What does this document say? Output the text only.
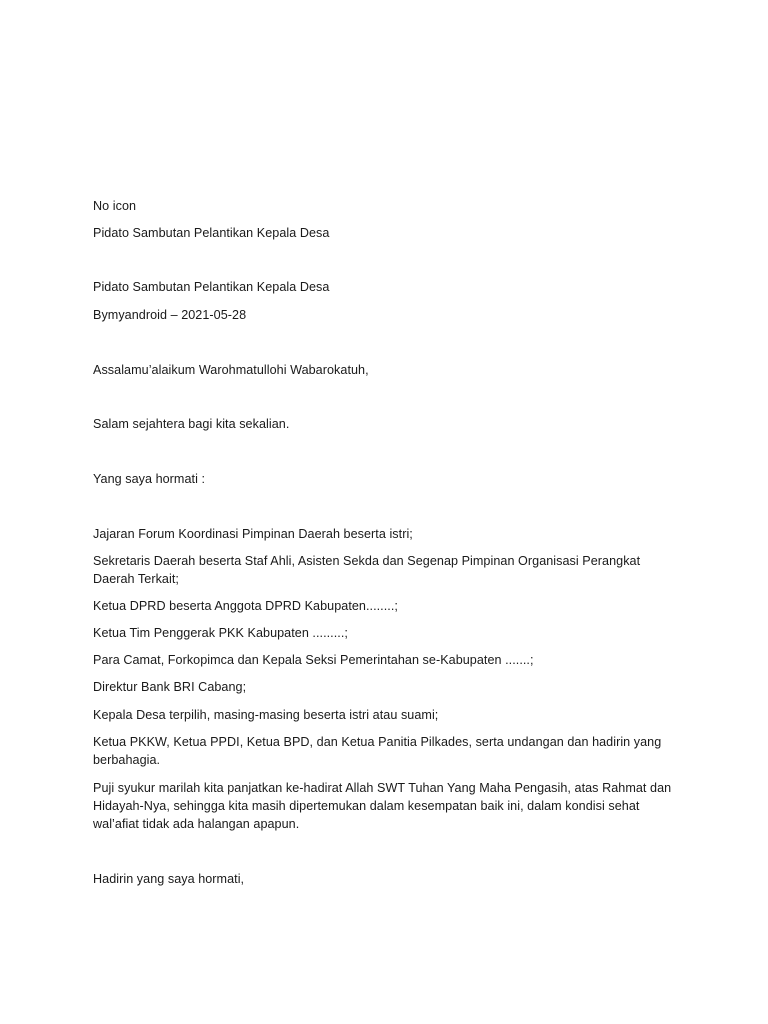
No icon

Pidato Sambutan Pelantikan Kepala Desa

Pidato Sambutan Pelantikan Kepala Desa

Bymyandroid – 2021-05-28

Assalamu’alaikum Warohmatullohi Wabarokatuh,

Salam sejahtera bagi kita sekalian.

Yang saya hormati :

Jajaran Forum Koordinasi Pimpinan Daerah beserta istri;

Sekretaris Daerah beserta Staf Ahli, Asisten Sekda dan Segenap Pimpinan Organisasi Perangkat Daerah Terkait;

Ketua DPRD beserta Anggota DPRD Kabupaten........;

Ketua Tim Penggerak PKK Kabupaten .........;

Para Camat, Forkopimca dan Kepala Seksi Pemerintahan se-Kabupaten .......;

Direktur Bank BRI Cabang;

Kepala Desa terpilih, masing-masing beserta istri atau suami;

Ketua PKKW, Ketua PPDI, Ketua BPD, dan Ketua Panitia Pilkades, serta undangan dan hadirin yang berbahagia.

Puji syukur marilah kita panjatkan ke-hadirat Allah SWT Tuhan Yang Maha Pengasih, atas Rahmat dan Hidayah-Nya, sehingga kita masih dipertemukan dalam kesempatan baik ini, dalam kondisi sehat wal’afiat tidak ada halangan apapun.

Hadirin yang saya hormati,
